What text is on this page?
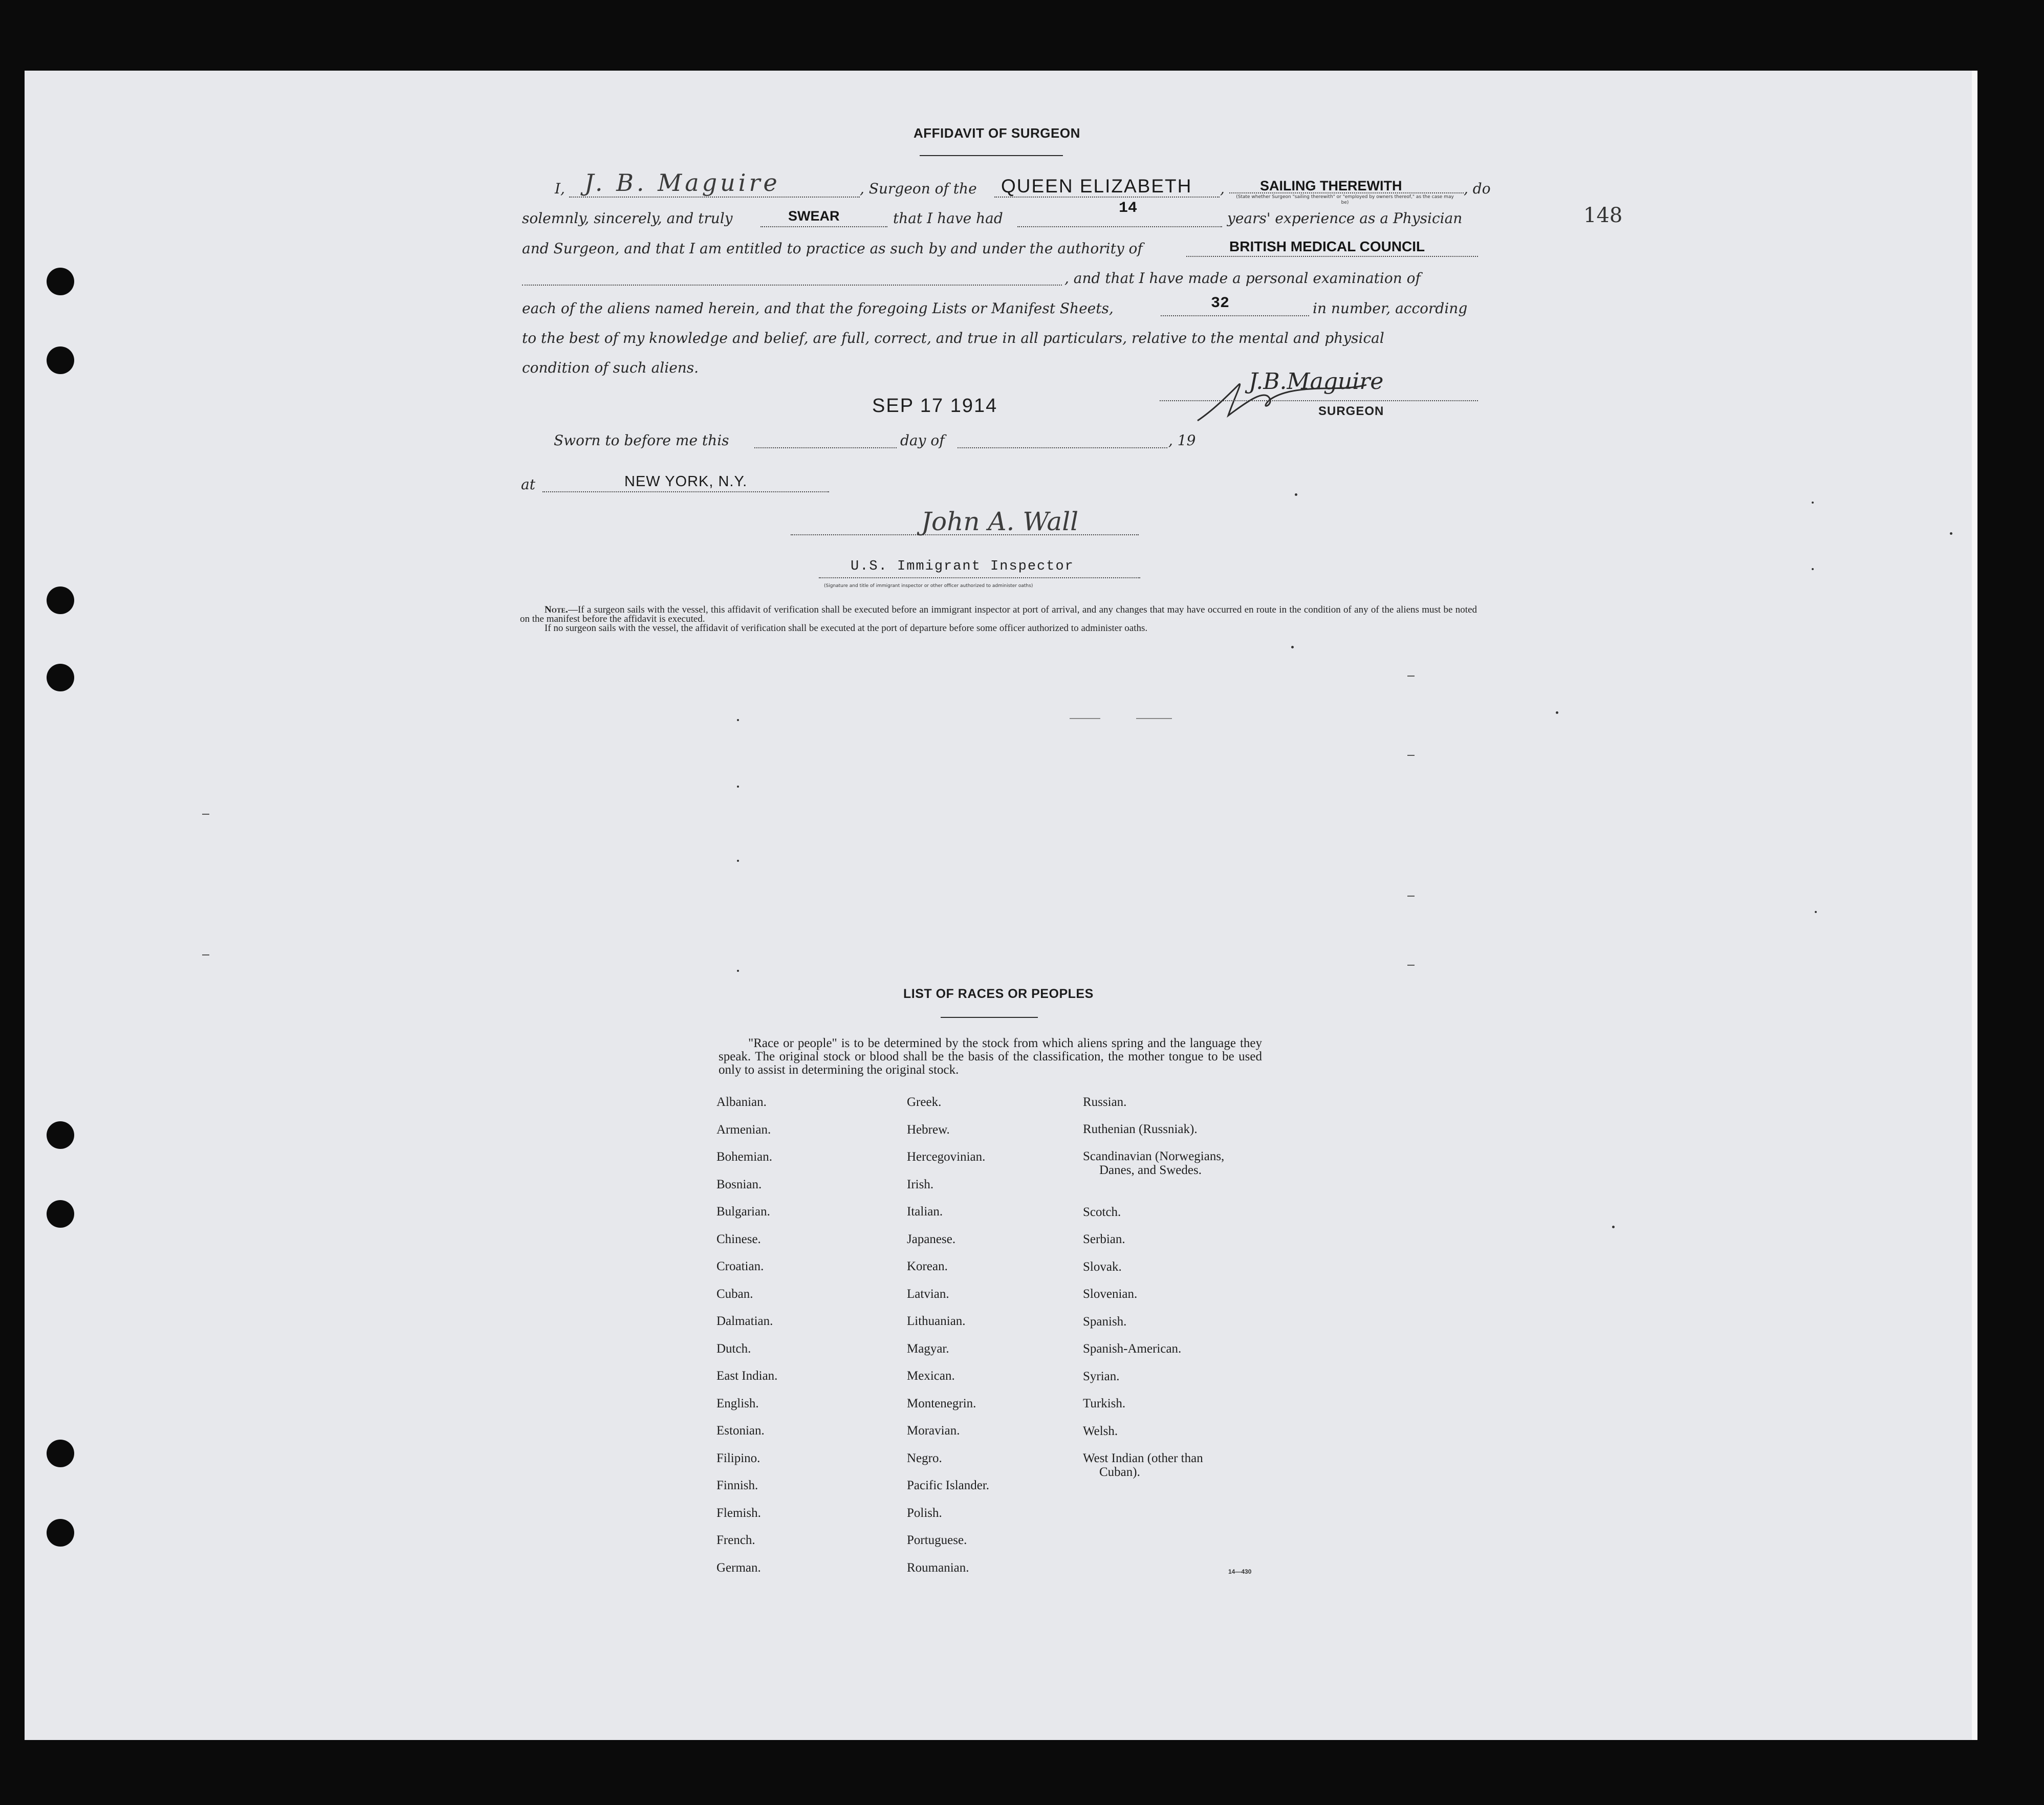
148
AFFIDAVIT OF SURGEON
I, J. B. Maguire	, Surgeon of the QUEEN ELIZABETH ,	SAILING THEREWITH	, do
(State whether Surgeon "sailing therewith" or "employed by owners thereof," as the case may be)
solemnly, sincerely, and truly	SWEAR	that I have had
14
years' experience as a Physician
and Surgeon, and that I am entitled to practice as such by and under the authority of	BRITISH MEDICAL COUNCIL
, and that I have made a personal examination of
each of the aliens named herein, and that the foregoing Lists or Manifest Sheets,	32	in number, according
to the best of my knowledge and belief, are full, correct, and true in all particulars, relative to the mental and physical
condition of such aliens.
SEP 17 1914
J.B.Maguire
SURGEON
Sworn to before me this	day of	, 19
at	NEW YORK, N.Y.
John A. Wall
U.S. Immigrant Inspector
(Signature and title of immigrant inspector or other officer authorized to administer oaths)
Note.—If a surgeon sails with the vessel, this affidavit of verification shall be executed before an immigrant inspector at port of arrival, and any changes that may have occurred en route in the condition of any of the aliens must be noted on the manifest before the affidavit is executed.
If no surgeon sails with the vessel, the affidavit of verification shall be executed at the port of departure before some officer authorized to administer oaths.
LIST OF RACES OR PEOPLES
"Race or people" is to be determined by the stock from which aliens spring and the language they speak. The original stock or blood shall be the basis of the classification, the mother tongue to be used only to assist in determining the original stock.
Albanian.
Armenian.
Bohemian.
Bosnian.
Bulgarian.
Chinese.
Croatian.
Cuban.
Dalmatian.
Dutch.
East Indian.
English.
Estonian.
Filipino.
Finnish.
Flemish.
French.
German.
Greek.
Hebrew.
Hercegovinian.
Irish.
Italian.
Japanese.
Korean.
Latvian.
Lithuanian.
Magyar.
Mexican.
Montenegrin.
Moravian.
Negro.
Pacific Islander.
Polish.
Portuguese.
Roumanian.
Russian.
Ruthenian (Russniak).
Scandinavian (Norwegians,
Danes, and Swedes.
Scotch.
Serbian.
Slovak.
Slovenian.
Spanish.
Spanish-American.
Syrian.
Turkish.
Welsh.
West Indian (other than
Cuban).
14—430
